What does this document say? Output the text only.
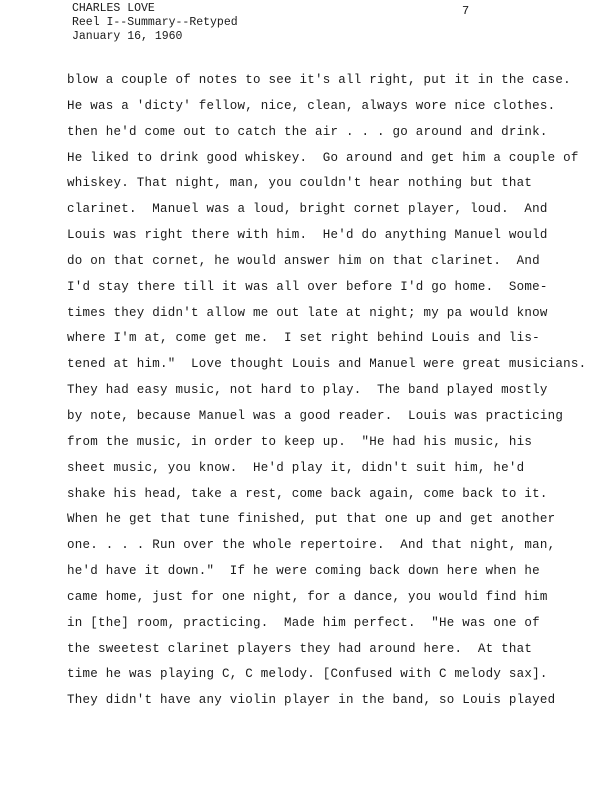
CHARLES LOVE
Reel I--Summary--Retyped
January 16, 1960
7
blow a couple of notes to see it's all right, put it in the case.
He was a 'dicty' fellow, nice, clean, always wore nice clothes.
then he'd come out to catch the air . . . go around and drink.
He liked to drink good whiskey.  Go around and get him a couple of
whiskey. That night, man, you couldn't hear nothing but that
clarinet.  Manuel was a loud, bright cornet player, loud.  And
Louis was right there with him.  He'd do anything Manuel would
do on that cornet, he would answer him on that clarinet.  And
I'd stay there till it was all over before I'd go home.  Some-
times they didn't allow me out late at night; my pa would know
where I'm at, come get me.  I set right behind Louis and lis-
tened at him."  Love thought Louis and Manuel were great musicians.
They had easy music, not hard to play.  The band played mostly
by note, because Manuel was a good reader.  Louis was practicing
from the music, in order to keep up.  "He had his music, his
sheet music, you know.  He'd play it, didn't suit him, he'd
shake his head, take a rest, come back again, come back to it.
When he get that tune finished, put that one up and get another
one. . . . Run over the whole repertoire.  And that night, man,
he'd have it down."  If he were coming back down here when he
came home, just for one night, for a dance, you would find him
in [the] room, practicing.  Made him perfect.  "He was one of
the sweetest clarinet players they had around here.  At that
time he was playing C, C melody. [Confused with C melody sax].
They didn't have any violin player in the band, so Louis played
